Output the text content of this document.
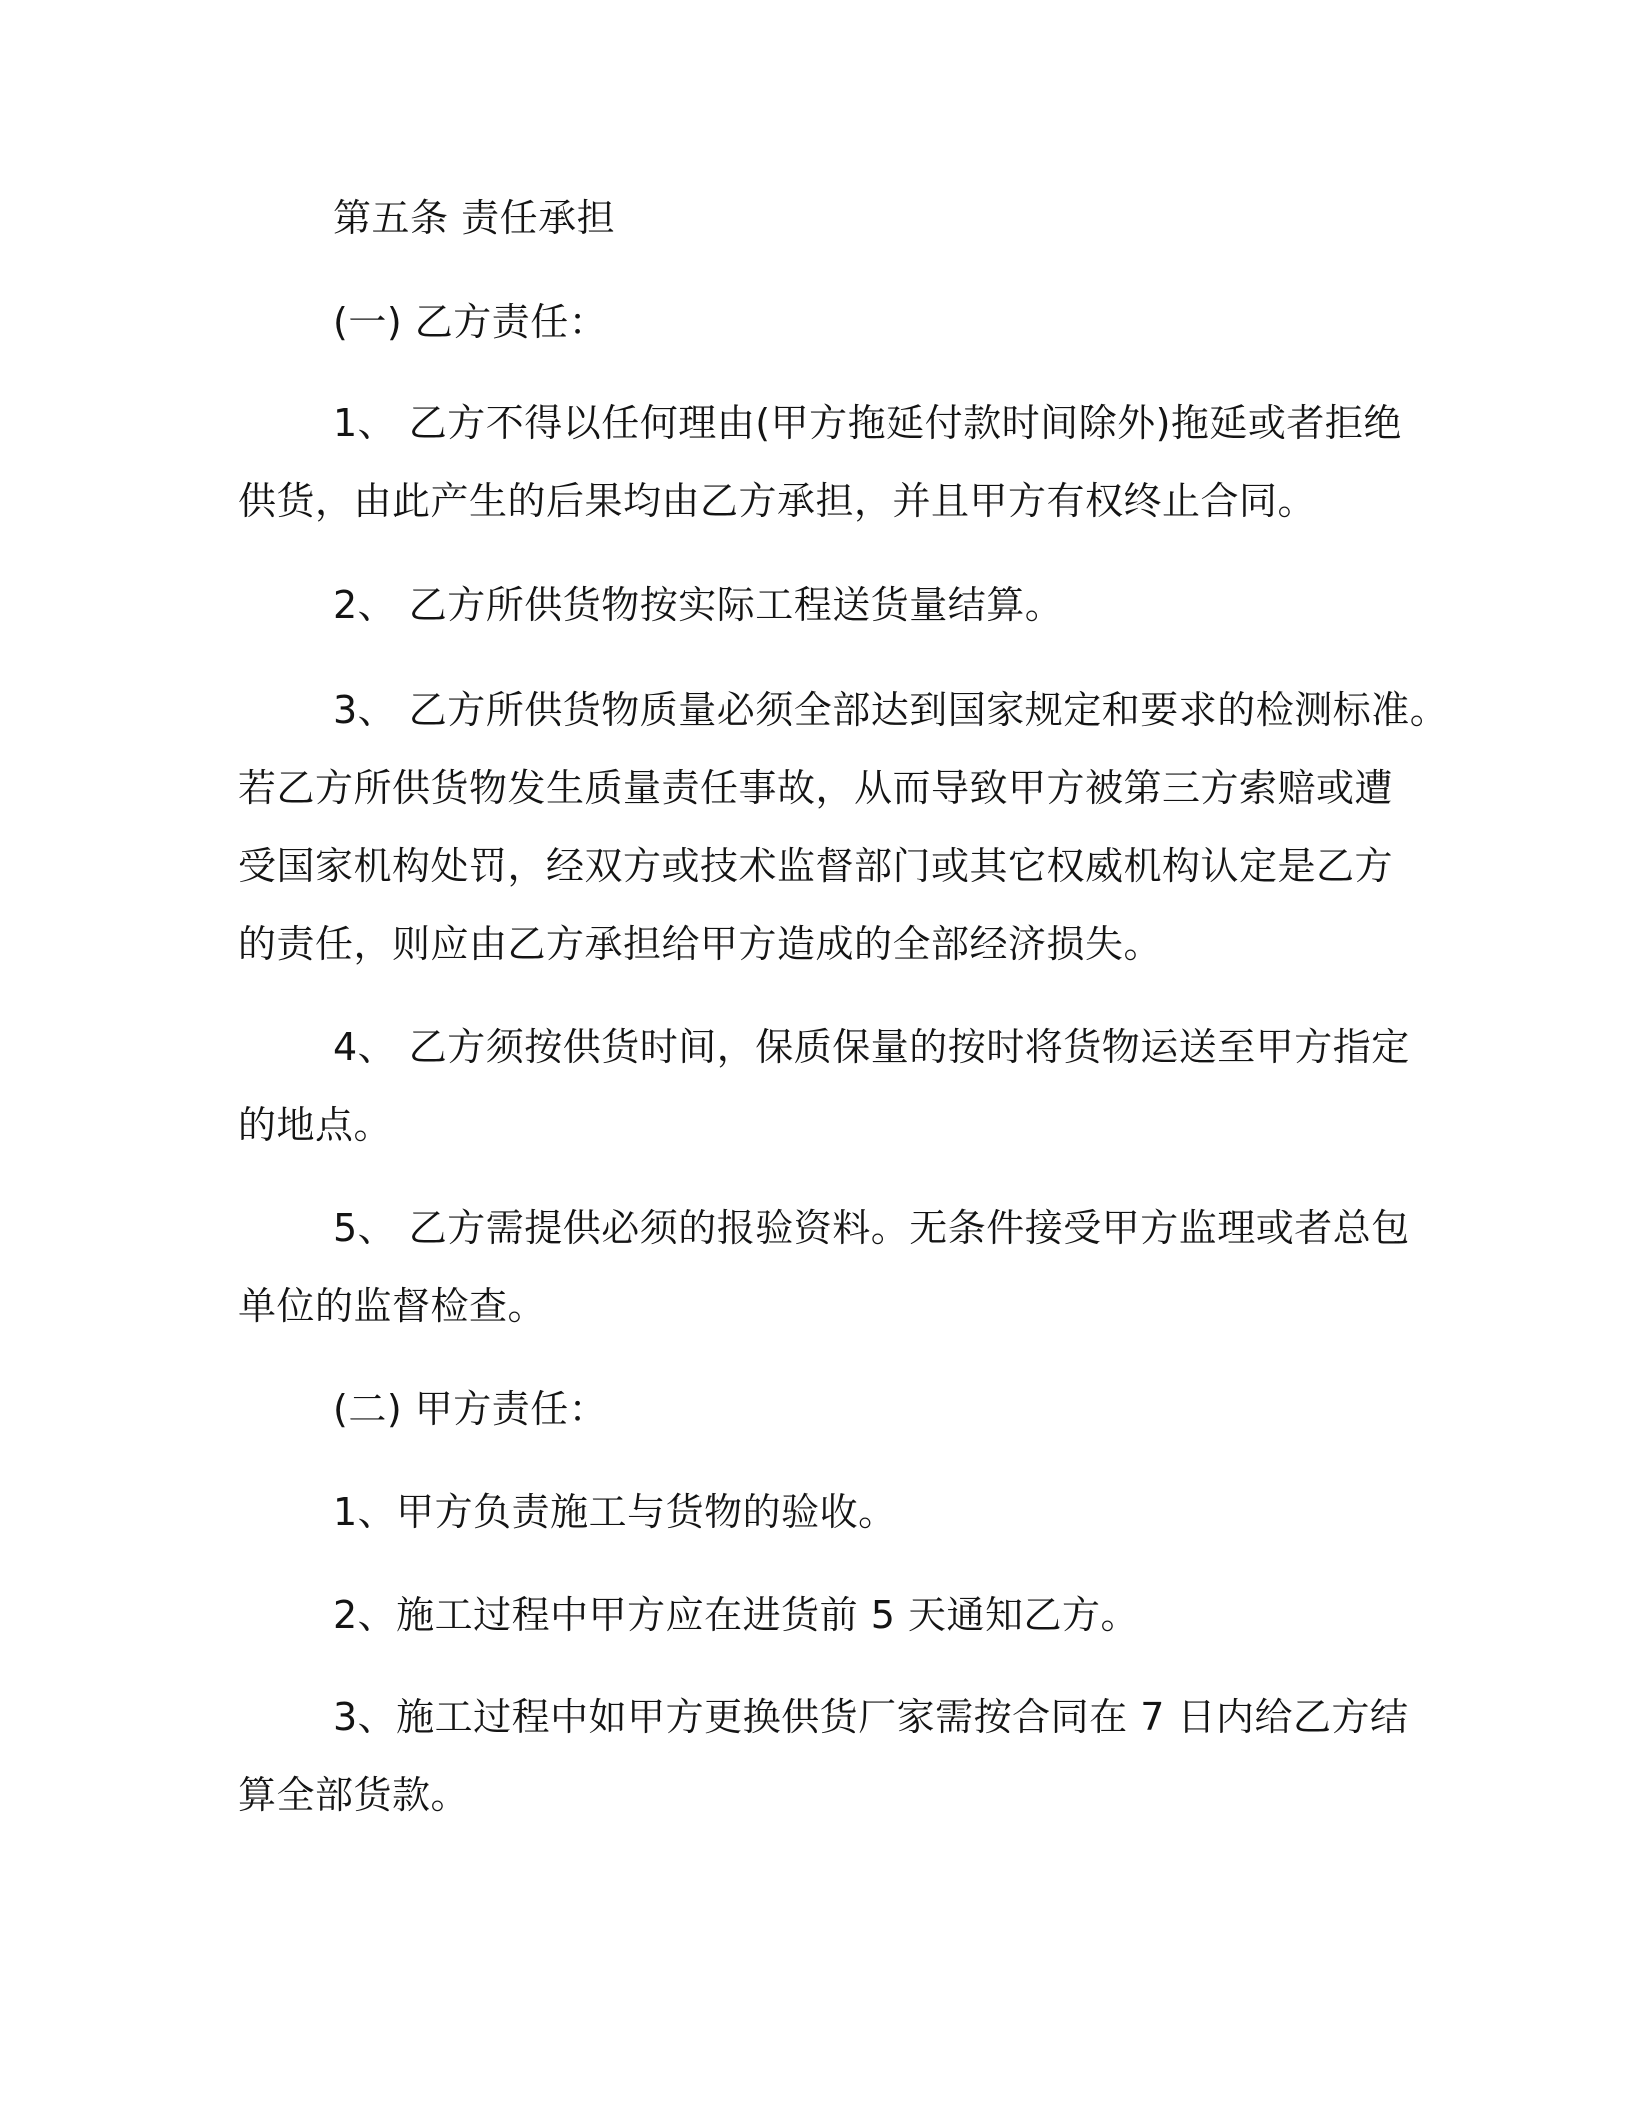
第五条 责任承担
(一) 乙方责任：
1、 乙方不得以任何理由(甲方拖延付款时间除外)拖延或者拒绝
供货，由此产生的后果均由乙方承担，并且甲方有权终止合同。
2、 乙方所供货物按实际工程送货量结算。
3、 乙方所供货物质量必须全部达到国家规定和要求的检测标准。
若乙方所供货物发生质量责任事故，从而导致甲方被第三方索赔或遭
受国家机构处罚，经双方或技术监督部门或其它权威机构认定是乙方
的责任，则应由乙方承担给甲方造成的全部经济损失。
4、 乙方须按供货时间，保质保量的按时将货物运送至甲方指定
的地点。
5、 乙方需提供必须的报验资料。无条件接受甲方监理或者总包
单位的监督检查。
(二) 甲方责任：
1、甲方负责施工与货物的验收。
2、施工过程中甲方应在进货前 5 天通知乙方。
3、施工过程中如甲方更换供货厂家需按合同在 7 日内给乙方结
算全部货款。
